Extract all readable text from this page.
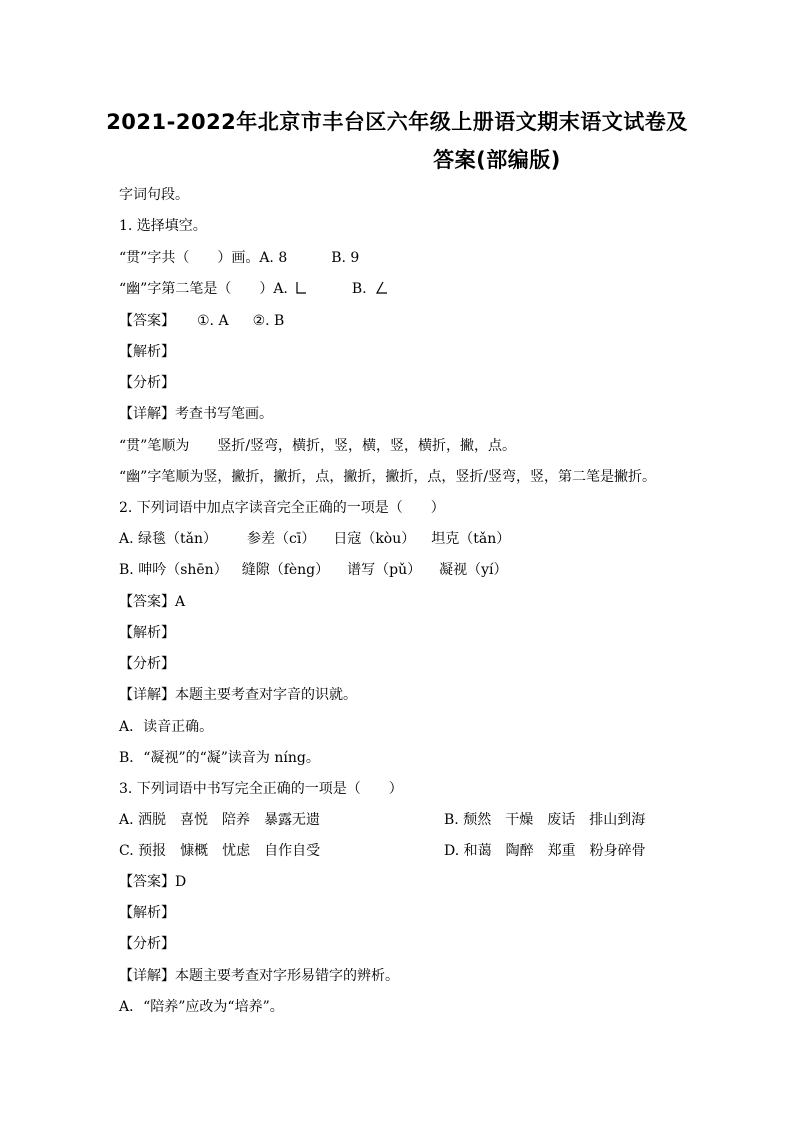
2021-2022年北京市丰台区六年级上册语文期末语文试卷及
答案(部编版)
字词句段。
1. 选择填空。
“贯”字共（　　）画。A. 8	B. 9
“幽”字第二笔是（　　）A.	B.
【答案】 ①. A ②. B
【解析】
【分析】
【详解】考查书写笔画。
“贯”笔顺为 竖折/竖弯，横折，竖，横，竖，横折，撇，点。
“幽”字笔顺为竖，撇折，撇折，点，撇折，撇折，点，竖折/竖弯，竖，第二笔是撇折。
2. 下列词语中加点字读音完全正确的一项是（　　）
A. 绿毯（tǎn） 参差（cī） 日寇（kòu） 坦克（tǎn）
B. 呻吟（shēn） 缝隙（fèng） 谱写（pǔ） 凝视（yí）
【答案】A
【解析】
【分析】
【详解】本题主要考查对字音的识就。
A．读音正确。
B．“凝视”的“凝”读音为 níng。
3. 下列词语中书写完全正确的一项是（　　）
A. 洒脱　喜悦　陪养　暴露无遗	B. 颓然　干燥　废话　排山到海
C. 预报　慷概　忧虑　自作自受	D. 和蔼　陶醉　郑重　粉身碎骨
【答案】D
【解析】
【分析】
【详解】本题主要考查对字形易错字的辨析。
A．“陪养”应改为“培养”。
